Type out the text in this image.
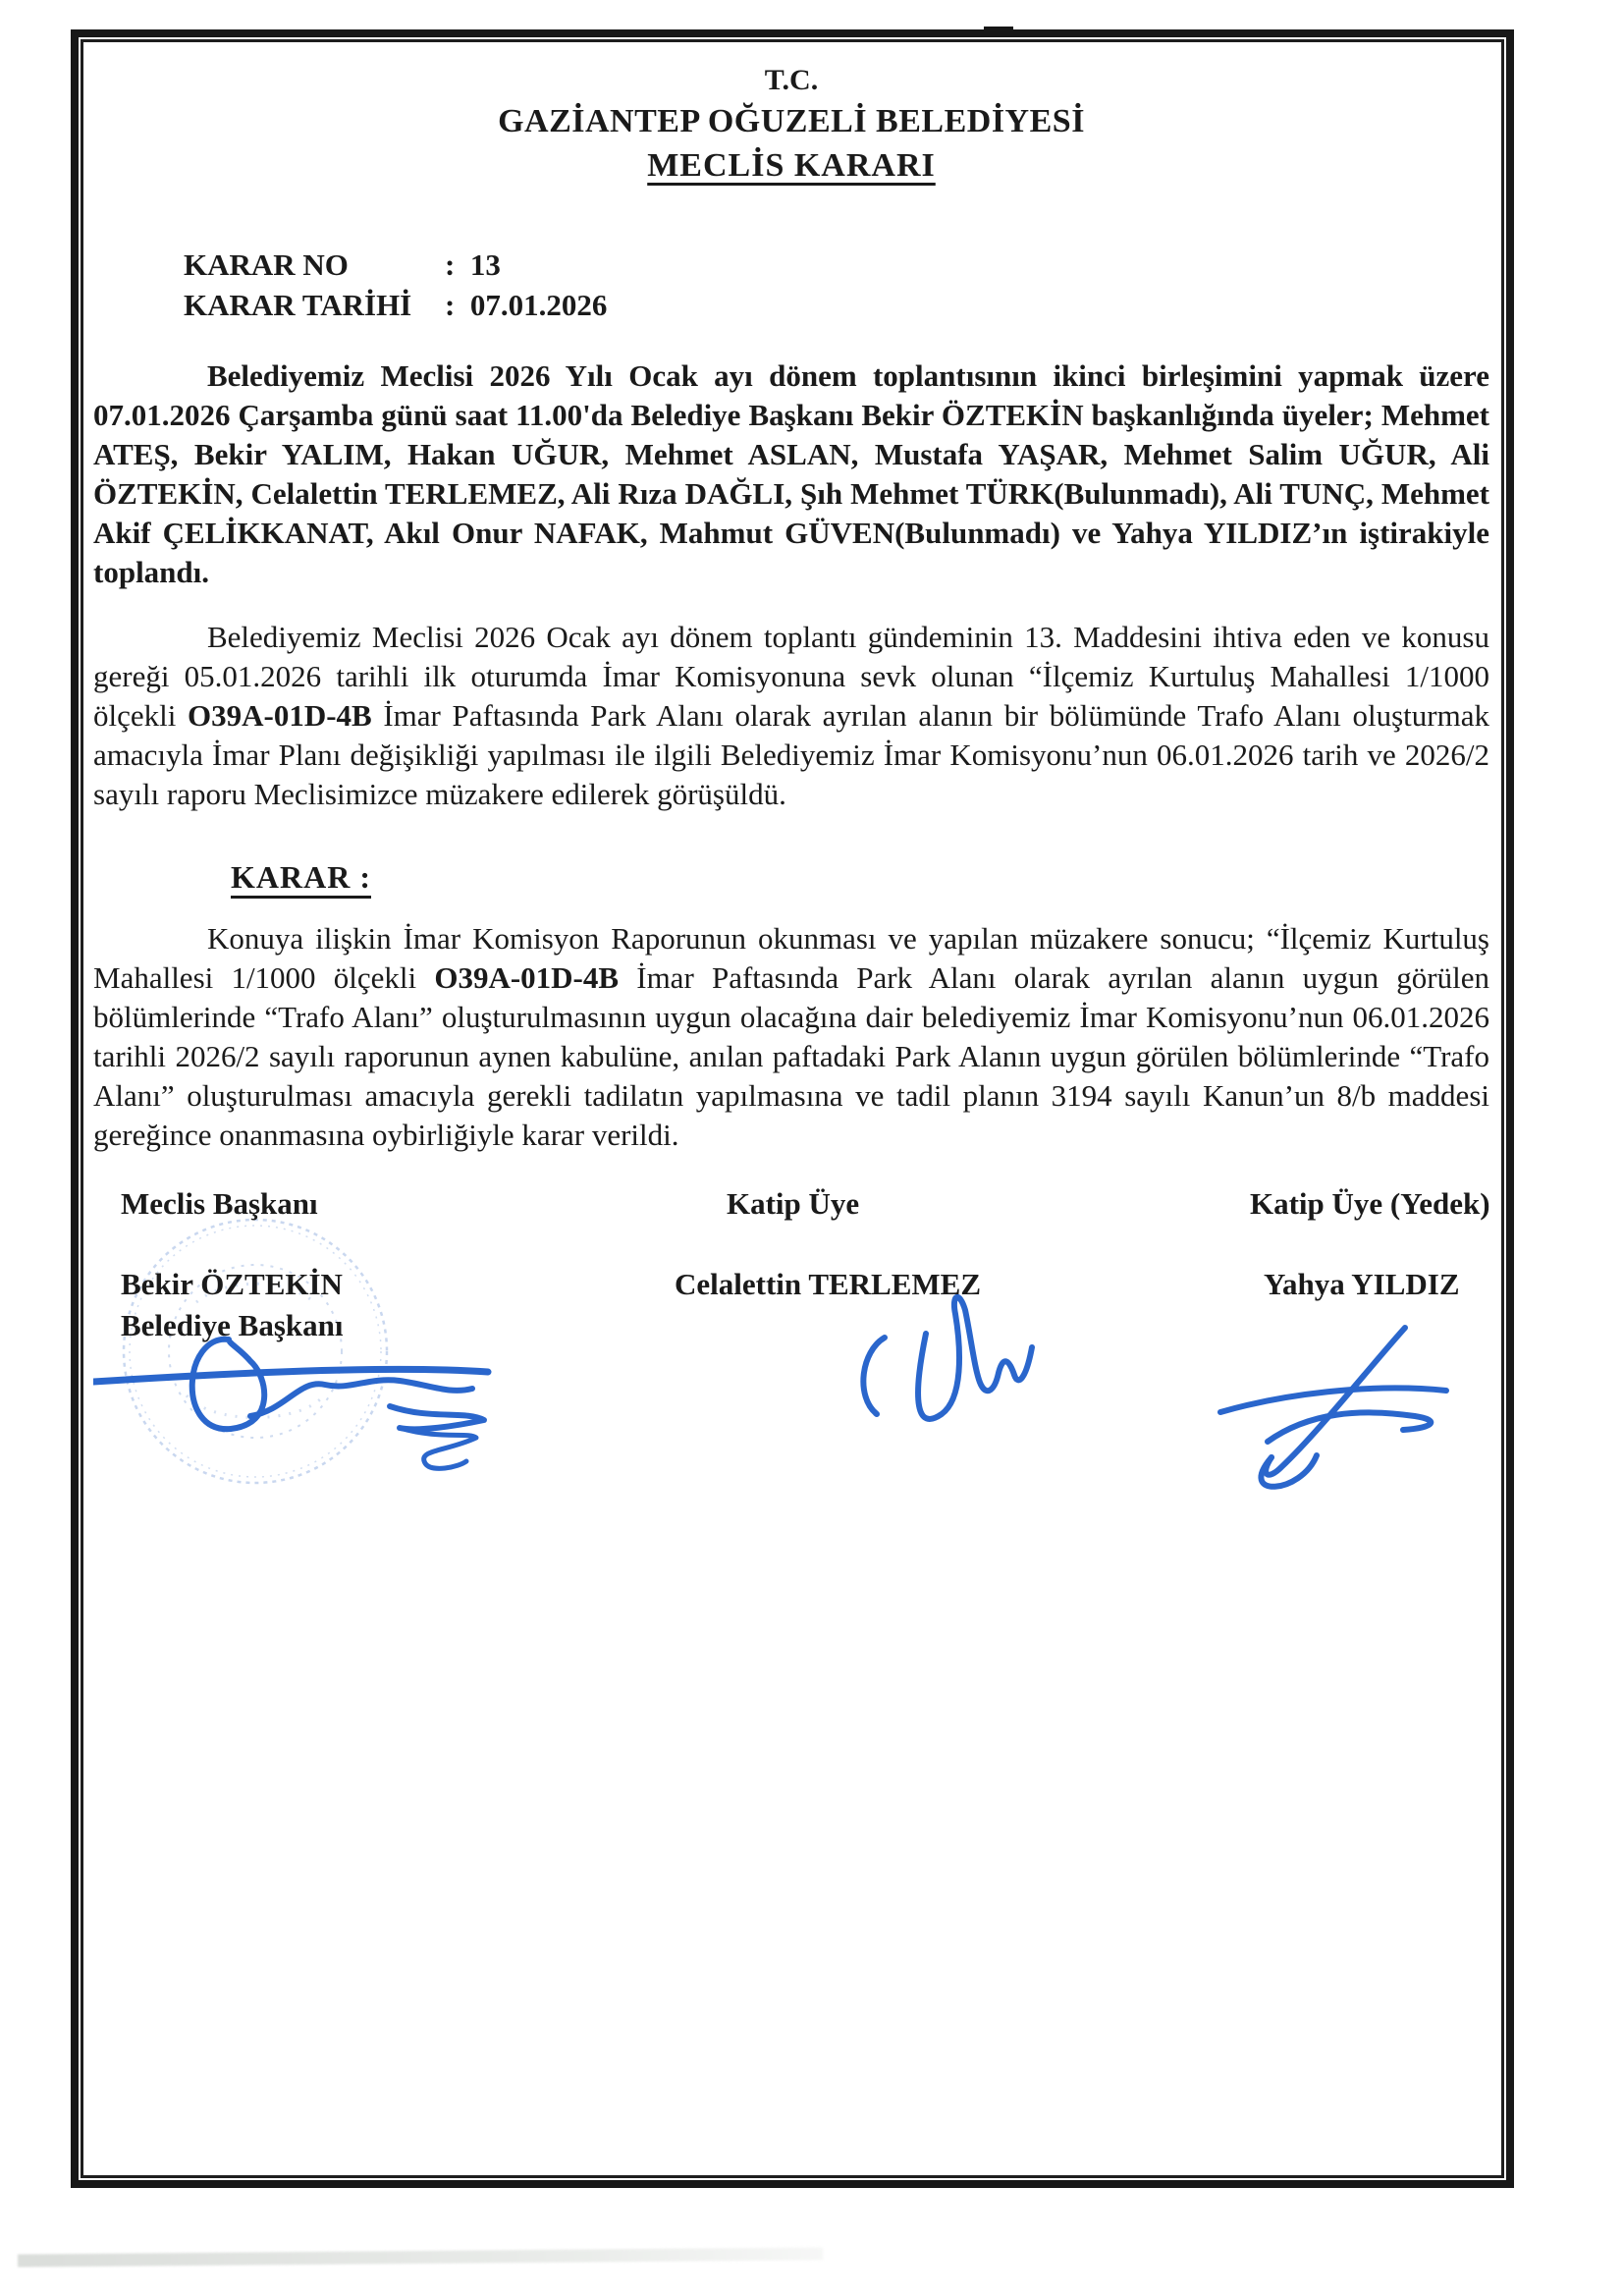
T.C.
GAZİANTEP OĞUZELİ BELEDİYESİ
MECLİS KARARI
KARAR NO	:  13
KARAR TARİHİ :  07.01.2026

Belediyemiz Meclisi 2026 Yılı Ocak ayı dönem toplantısının ikinci birleşimini yapmak üzere 07.01.2026 Çarşamba günü saat 11.00'da Belediye Başkanı Bekir ÖZTEKİN başkanlığında üyeler; Mehmet ATEŞ, Bekir YALIM, Hakan UĞUR, Mehmet ASLAN, Mustafa YAŞAR, Mehmet Salim UĞUR, Ali ÖZTEKİN, Celalettin TERLEMEZ, Ali Rıza DAĞLI, Şıh Mehmet TÜRK(Bulunmadı), Ali TUNÇ, Mehmet Akif ÇELİKKANAT, Akıl Onur NAFAK, Mahmut GÜVEN(Bulunmadı) ve Yahya YILDIZ’ın iştirakiyle toplandı.

Belediyemiz Meclisi 2026 Ocak ayı dönem toplantı gündeminin 13. Maddesini ihtiva eden ve konusu gereği 05.01.2026 tarihli ilk oturumda İmar Komisyonuna sevk olunan “İlçemiz Kurtuluş Mahallesi 1/1000 ölçekli O39A-01D-4B İmar Paftasında Park Alanı olarak ayrılan alanın bir bölümünde Trafo Alanı oluşturmak amacıyla İmar Planı değişikliği yapılması ile ilgili Belediyemiz İmar Komisyonu’nun 06.01.2026 tarih ve 2026/2 sayılı raporu Meclisimizce müzakere edilerek görüşüldü.

KARAR :

Konuya ilişkin İmar Komisyon Raporunun okunması ve yapılan müzakere sonucu; “İlçemiz Kurtuluş Mahallesi 1/1000 ölçekli O39A-01D-4B İmar Paftasında Park Alanı olarak ayrılan alanın uygun görülen bölümlerinde “Trafo Alanı” oluşturulmasının uygun olacağına dair belediyemiz İmar Komisyonu’nun 06.01.2026 tarihli 2026/2 sayılı raporunun aynen kabulüne, anılan paftadaki Park Alanın uygun görülen bölümlerinde “Trafo Alanı” oluşturulması amacıyla gerekli tadilatın yapılmasına ve tadil planın 3194 sayılı Kanun’un 8/b maddesi gereğince onanmasına oybirliğiyle karar verildi.

Meclis Başkanı	Katip Üye	Katip Üye (Yedek)
Bekir ÖZTEKİN	Celalettin TERLEMEZ	Yahya YILDIZ
Belediye Başkanı
